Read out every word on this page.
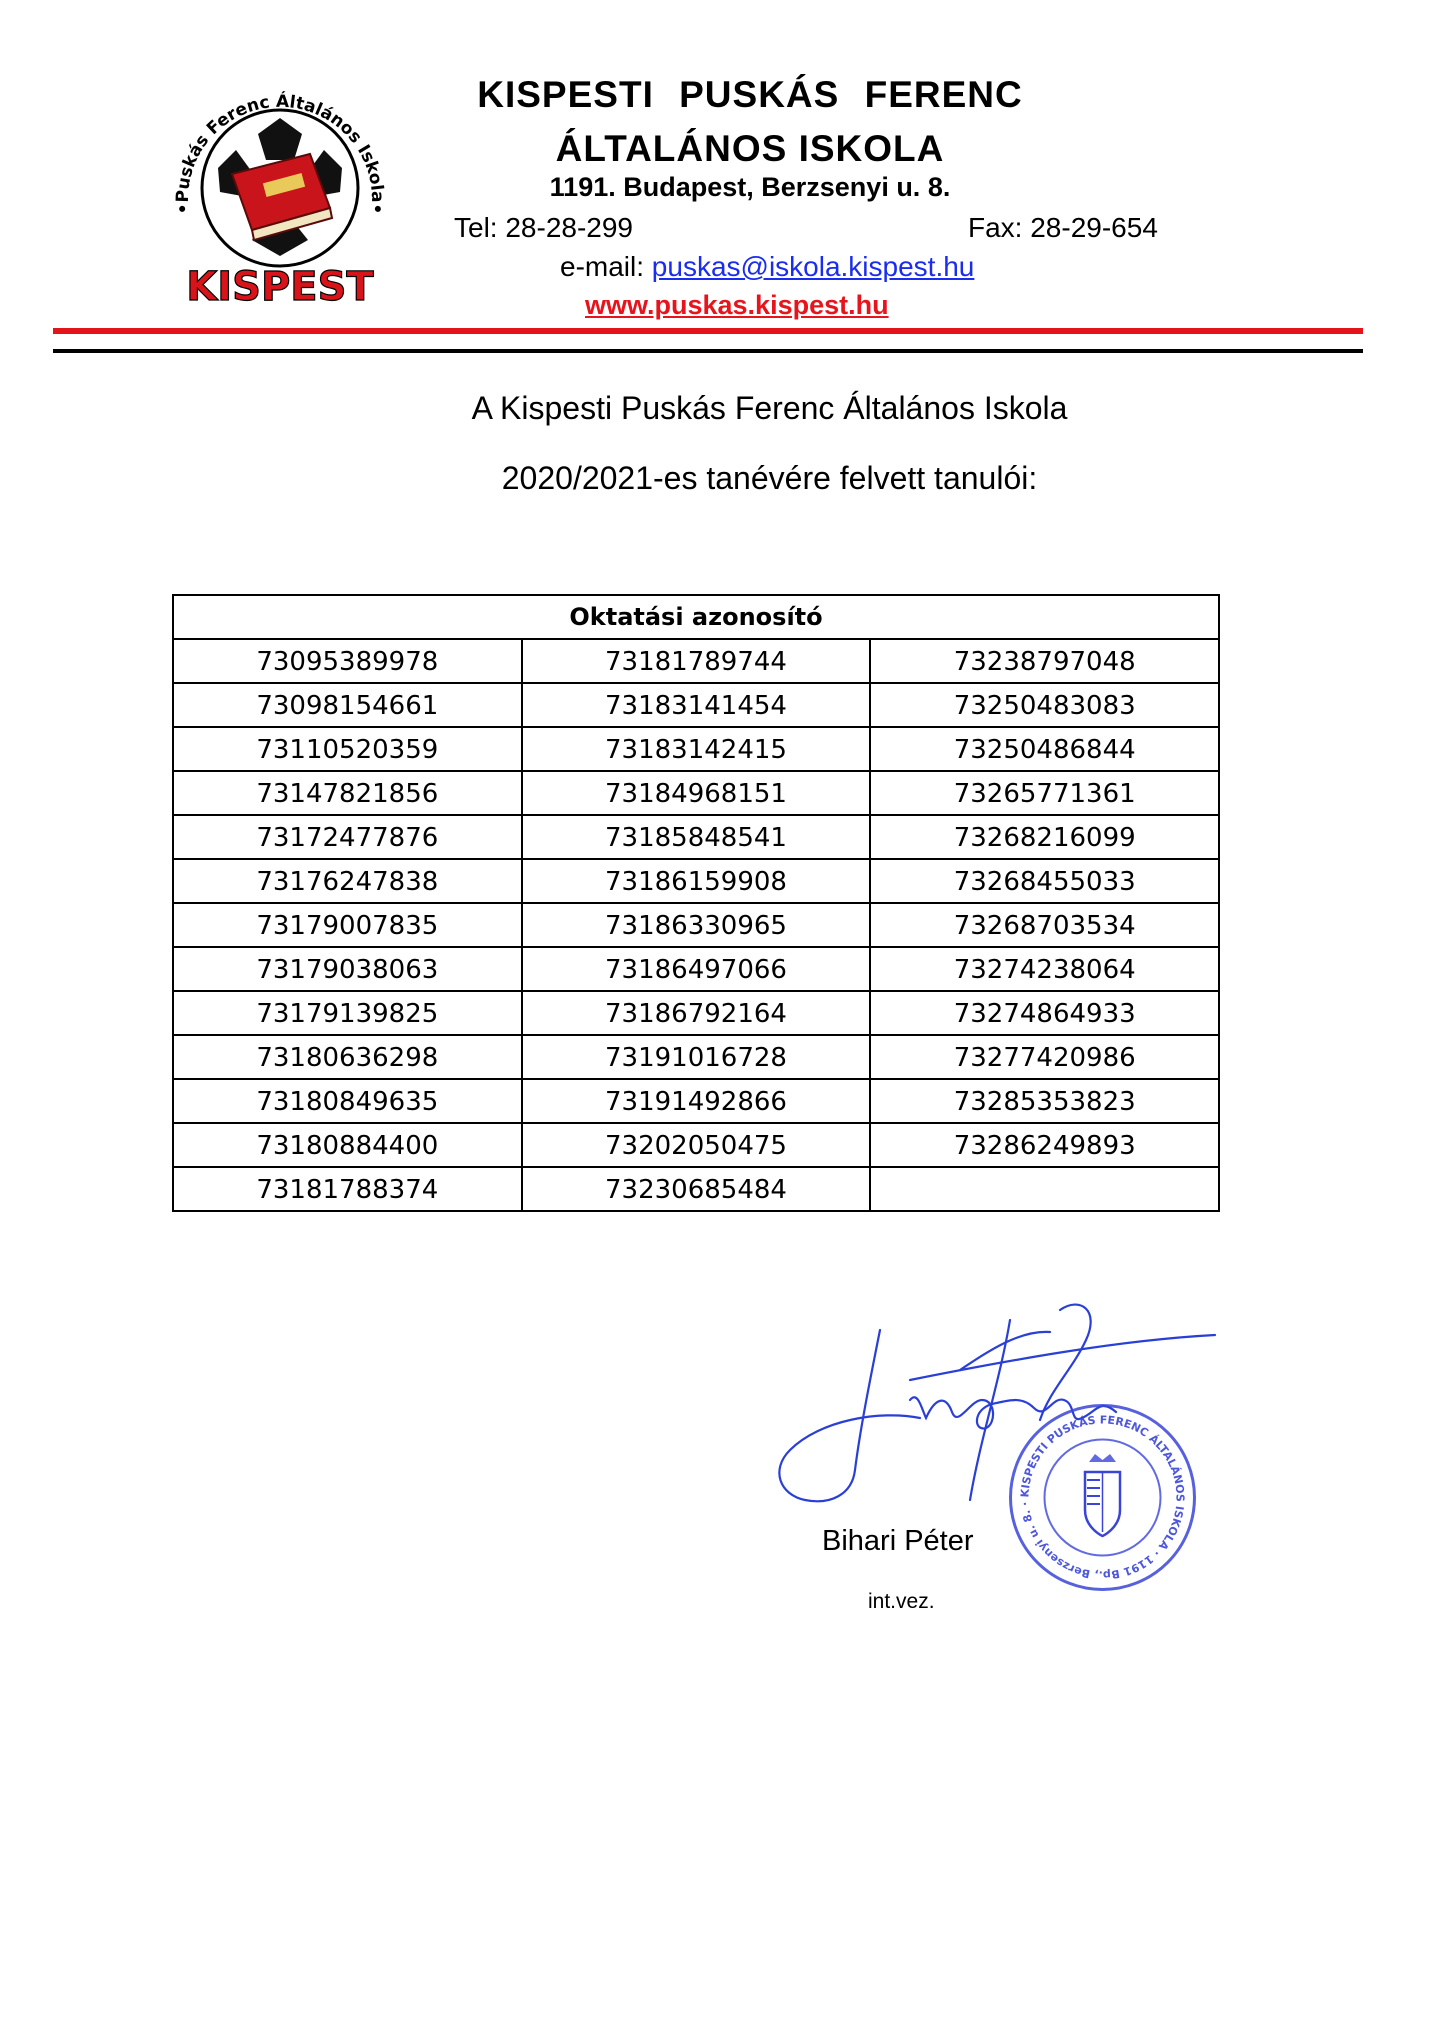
•Puskás Ferenc Általános Iskola•
KISPEST
KISPESTI PUSKÁS FERENC
ÁLTALÁNOS ISKOLA
1191. Budapest, Berzsenyi u. 8.
Tel: 28-28-299	Fax: 28-29-654
e-mail: puskas@iskola.kispest.hu
www.puskas.kispest.hu
A Kispesti Puskás Ferenc Általános Iskola
2020/2021-es tanévére felvett tanulói:
Oktatási azonosító
73095389978	73181789744	73238797048
73098154661	73183141454	73250483083
73110520359	73183142415	73250486844
73147821856	73184968151	73265771361
73172477876	73185848541	73268216099
73176247838	73186159908	73268455033
73179007835	73186330965	73268703534
73179038063	73186497066	73274238064
73179139825	73186792164	73274864933
73180636298	73191016728	73277420986
73180849635	73191492866	73285353823
73180884400	73202050475	73286249893
73181788374	73230685484
KISPESTI PUSKÁS FERENC ÁLTALÁNOS ISKOLA · 1191 Bp., Berzsenyi u. 8. ·
Bihari Péter
int.vez.
